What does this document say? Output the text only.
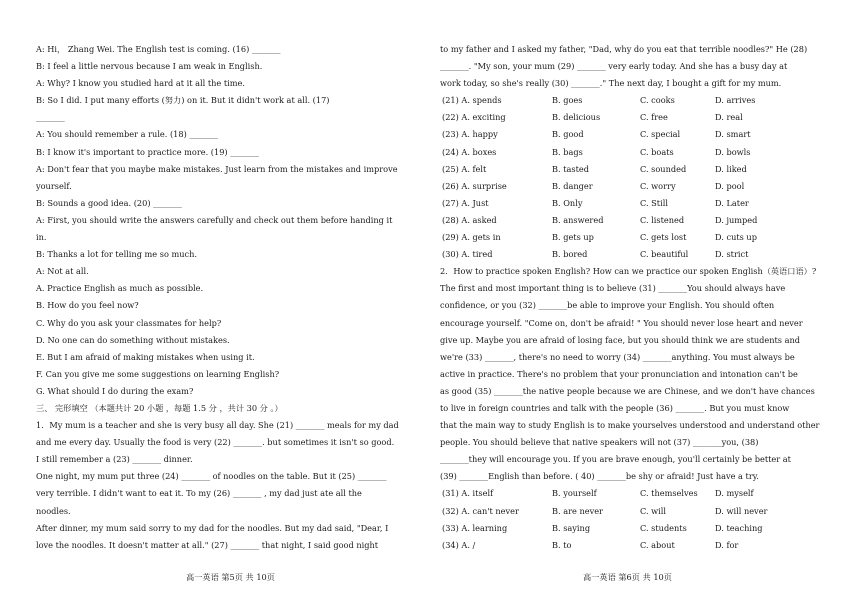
A: Hi， Zhang Wei. The English test is coming. (16) _______
B: I feel a little nervous because I am weak in English.
A: Why? I know you studied hard at it all the time.
B: So I did. I put many efforts (努力) on it. But it didn't work at all. (17)
_______
A: You should remember a rule. (18) _______
B: I know it's important to practice more. (19) _______
A: Don't fear that you maybe make mistakes. Just learn from the mistakes and improve
yourself.
B: Sounds a good idea. (20) _______
A: First, you should write the answers carefully and check out them before handing it
in.
B: Thanks a lot for telling me so much.
A: Not at all.
A. Practice English as much as possible.
B. How do you feel now?
C. Why do you ask your classmates for help?
D. No one can do something without mistakes.
E. But I am afraid of making mistakes when using it.
F. Can you give me some suggestions on learning English?
G. What should I do during the exam?
三、 完形填空 （本题共计 20 小题 ，每题 1.5 分 ，共计 30 分 。）
1．My mum is a teacher and she is very busy all day. She (21) _______ meals for my dad
and me every day. Usually the food is very (22) _______. but sometimes it isn't so good.
I still remember a (23) _______ dinner.
One night, my mum put three (24) _______ of noodles on the table. But it (25) _______
very terrible. I didn't want to eat it. To my (26) _______ , my dad just ate all the
noodles.
After dinner, my mum said sorry to my dad for the noodles. But my dad said, "Dear, I
love the noodles. It doesn't matter at all." (27) _______ that night, I said good night
to my father and I asked my father, "Dad, why do you eat that terrible noodles?" He (28)
_______. "My son, your mum (29) _______ very early today. And she has a busy day at
work today, so she's really (30) _______." The next day, I bought a gift for my mum.
(21) A. spends	B. goes	C. cooks	D. arrives
(22) A. exciting	B. delicious	C. free	D. real
(23) A. happy	B. good	C. special	D. smart
(24) A. boxes	B. bags	C. boats	D. bowls
(25) A. felt	B. tasted	C. sounded	D. liked
(26) A. surprise	B. danger	C. worry	D. pool
(27) A. Just	B. Only	C. Still	D. Later
(28) A. asked	B. answered	C. listened	D. jumped
(29) A. gets in	B. gets up	C. gets lost	D. cuts up
(30) A. tired	B. bored	C. beautiful	D. strict
2．How to practice spoken English? How can we practice our spoken English（英语口语）?
The first and most important thing is to believe (31) _______You should always have
confidence, or you (32) _______be able to improve your English. You should often
encourage yourself. "Come on, don't be afraid! " You should never lose heart and never
give up. Maybe you are afraid of losing face, but you should think we are students and
we're (33) _______, there's no need to worry (34) _______anything. You must always be
active in practice. There's no problem that your pronunciation and intonation can't be
as good (35) _______the native people because we are Chinese, and we don't have chances
to live in foreign countries and talk with the people (36) _______. But you must know
that the main way to study English is to make yourselves understood and understand other
people. You should believe that native speakers will not (37) _______you, (38)
_______they will encourage you. If you are brave enough, you'll certainly be better at
(39) _______English than before. ( 40) _______be shy or afraid! Just have a try.
(31) A. itself	B. yourself	C. themselves	D. myself
(32) A. can't never	B. are never	C. will	D. will never
(33) A. learning	B. saying	C. students	D. teaching
(34) A. /	B. to	C. about	D. for
高一英语 第5页 共 10页	高一英语 第6页 共 10页
